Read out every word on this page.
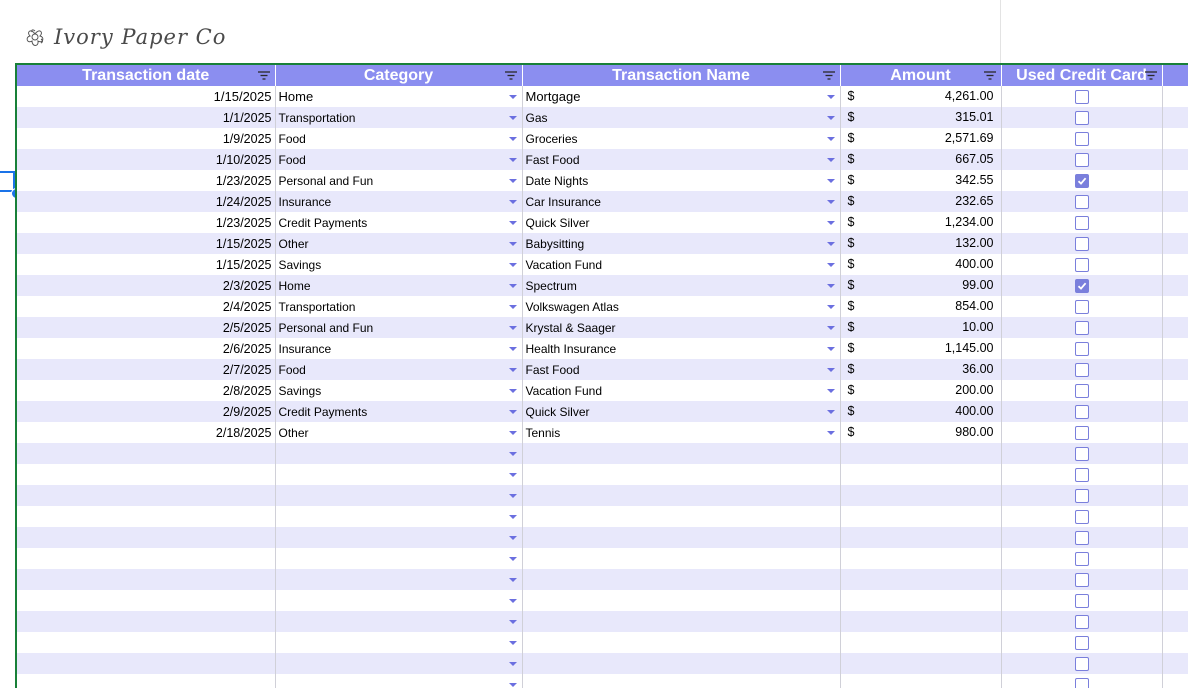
Ivory Paper Co
Transaction date	Category	Transaction Name	Amount	Used Credit Card

1/15/2025	Home	Mortgage	$ 4,261.00		

1/1/2025	Transportation	Gas	$ 315.01		

1/9/2025	Food	Groceries	$ 2,571.69		

1/10/2025	Food	Fast Food	$ 667.05		

1/23/2025	Personal and Fun	Date Nights	$ 342.55

1/24/2025	Insurance	Car Insurance	$ 232.65		

1/23/2025	Credit Payments	Quick Silver	$ 1,234.00		

1/15/2025	Other	Babysitting	$ 132.00		

1/15/2025	Savings	Vacation Fund	$ 400.00		

2/3/2025	Home	Spectrum	$ 99.00

2/4/2025	Transportation	Volkswagen Atlas	$ 854.00		

2/5/2025	Personal and Fun	Krystal & Saager	$ 10.00		

2/6/2025	Insurance	Health Insurance	$ 1,145.00		

2/7/2025	Food	Fast Food	$ 36.00		

2/8/2025	Savings	Vacation Fund	$ 200.00		

2/9/2025	Credit Payments	Quick Silver	$ 400.00		

2/18/2025	Other	Tennis	$ 980.00		
